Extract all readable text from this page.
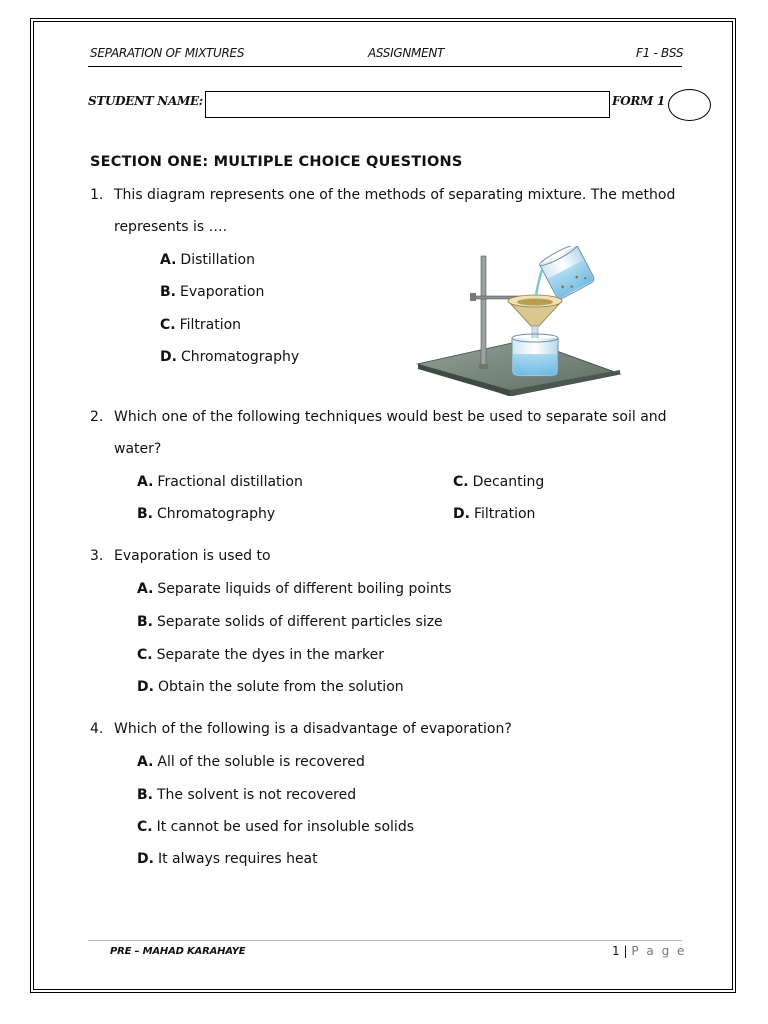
SEPARATION OF MIXTURES	ASSIGNMENT	F1 - BSS
STUDENT NAME:	FORM 1
SECTION ONE: MULTIPLE CHOICE QUESTIONS
1. This diagram represents one of the methods of separating mixture. The method
represents is ….
A. Distillation
B. Evaporation
C. Filtration
D. Chromatography
2. Which one of the following techniques would best be used to separate soil and
water?
A. Fractional distillation
B. Chromatography
C. Decanting
D. Filtration
3. Evaporation is used to
A. Separate liquids of different boiling points
B. Separate solids of different particles size
C. Separate the dyes in the marker
D. Obtain the solute from the solution
4. Which of the following is a disadvantage of evaporation?
A. All of the soluble is recovered
B. The solvent is not recovered
C. It cannot be used for insoluble solids
D. It always requires heat
PRE – MAHAD KARAHAYE	1 | P a g e
